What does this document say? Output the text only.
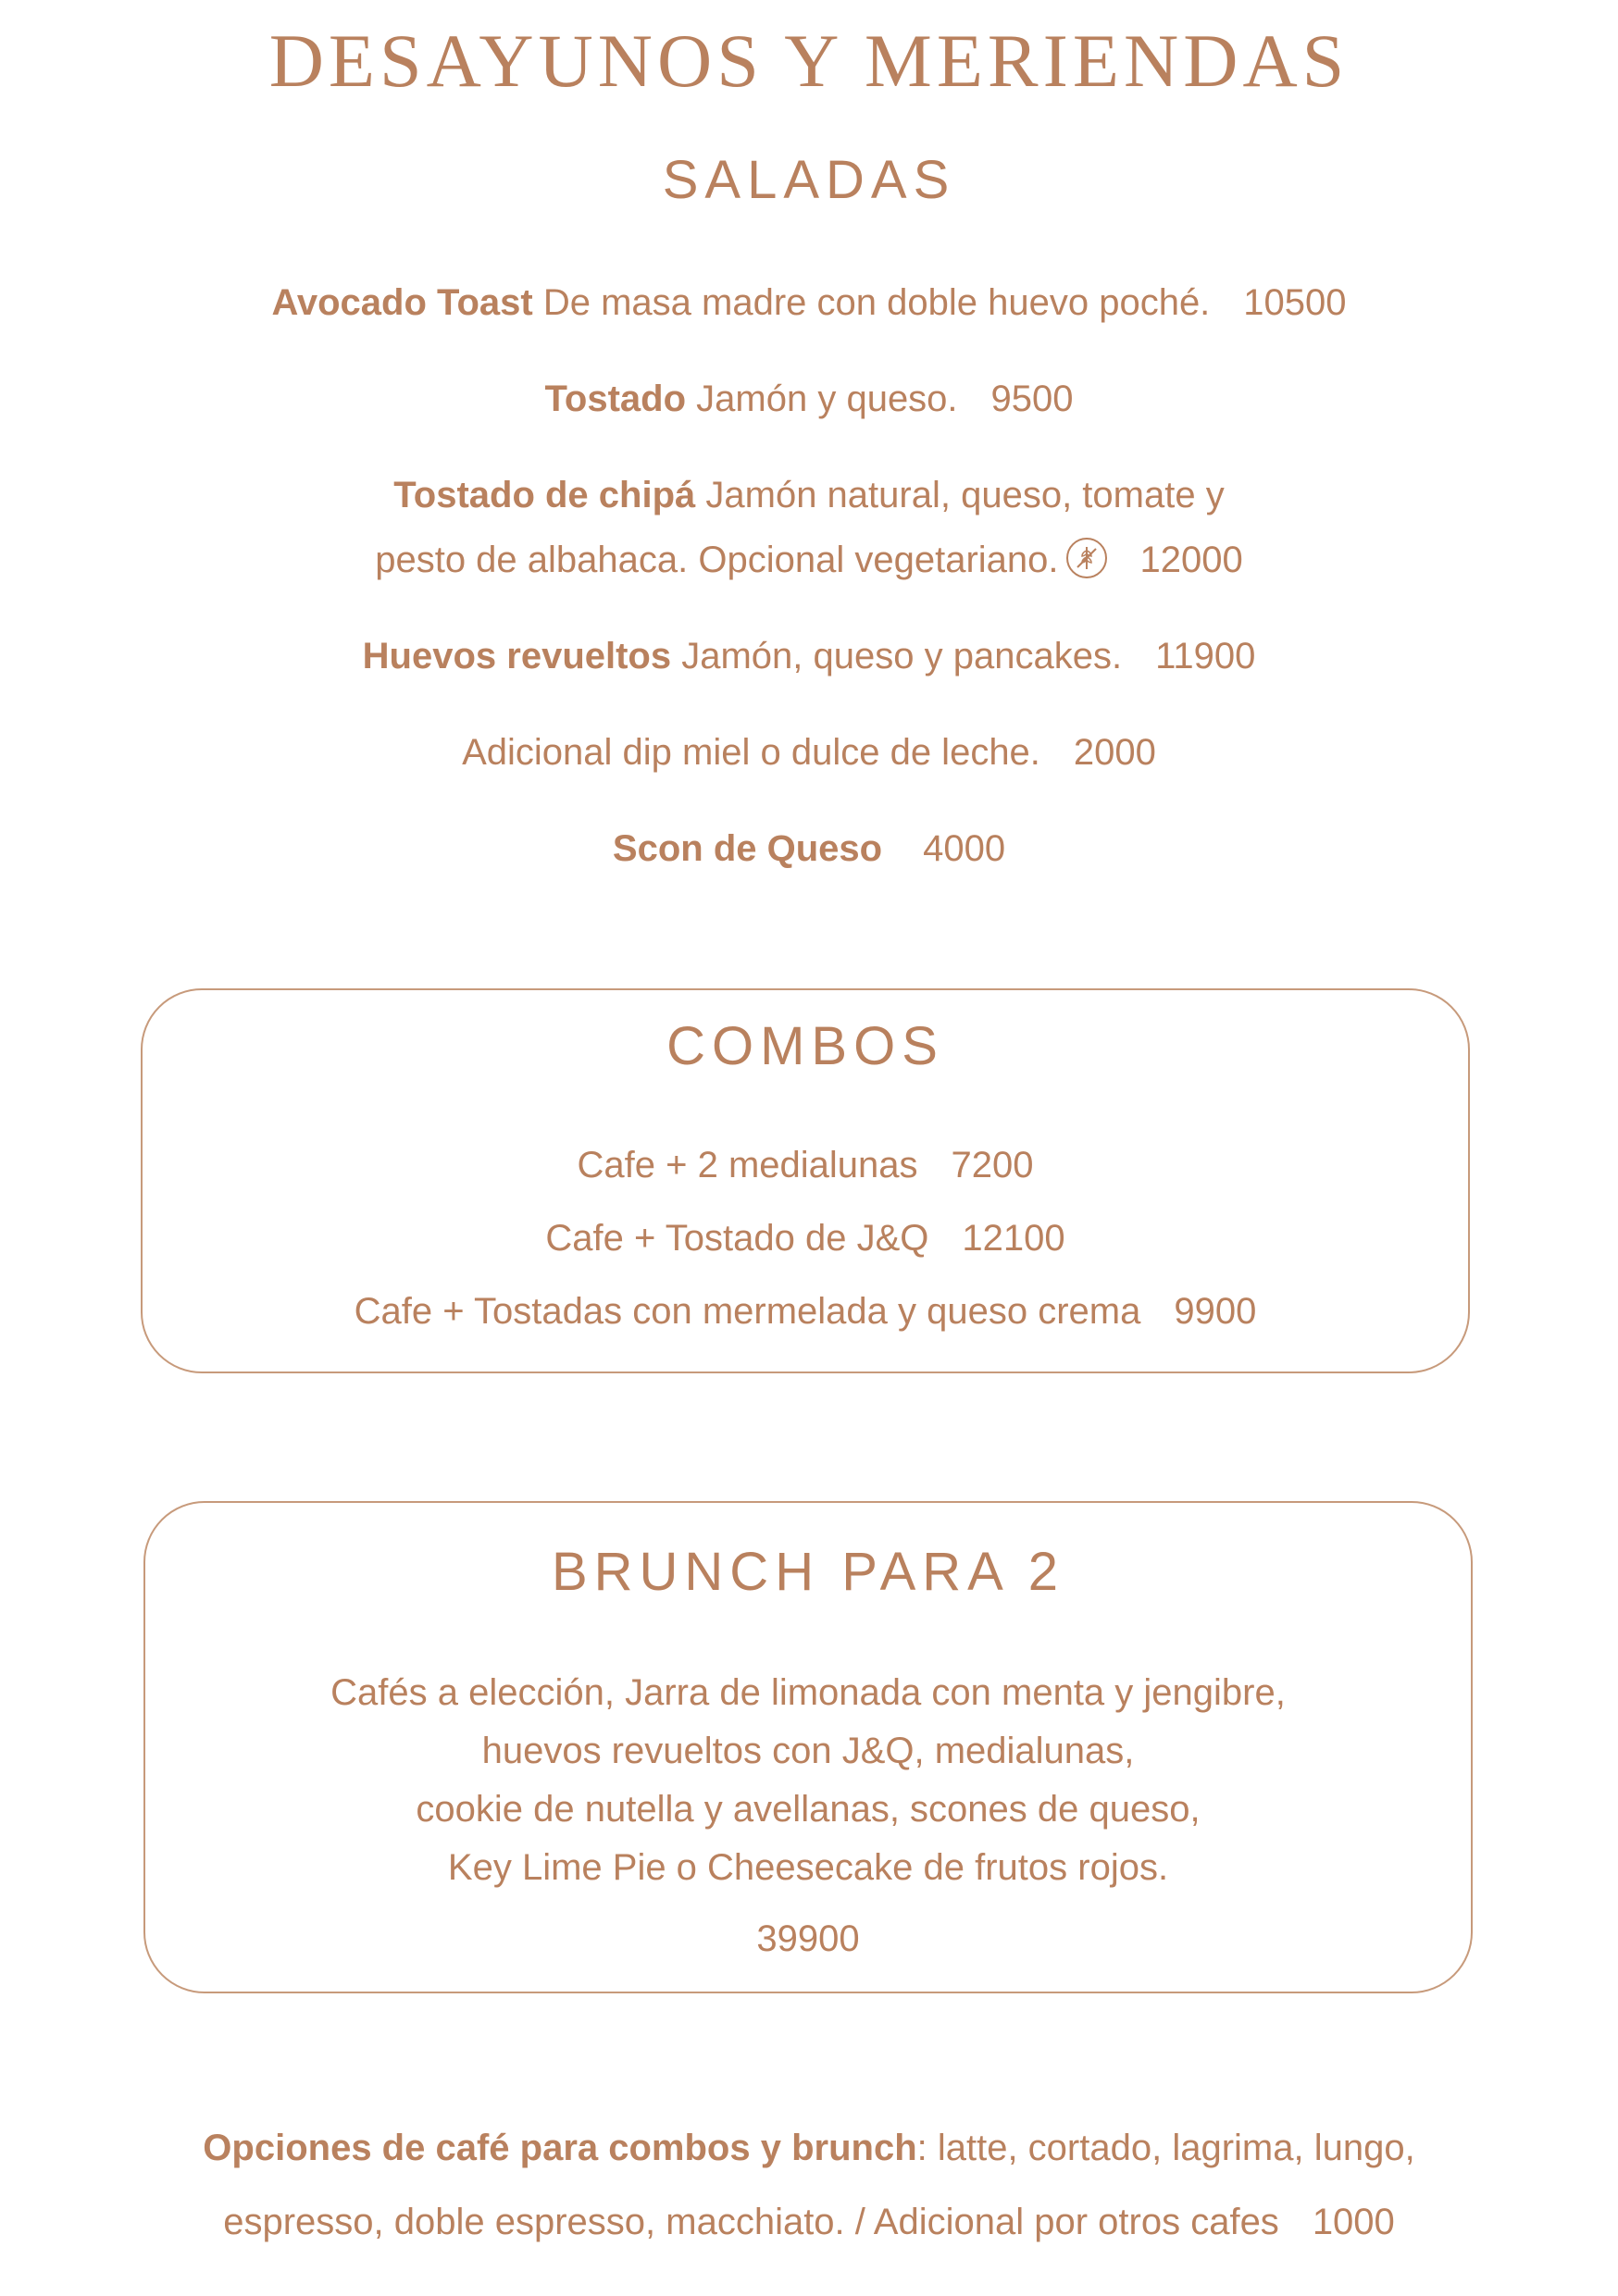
DESAYUNOS Y MERIENDAS
SALADAS
Avocado Toast De masa madre con doble huevo poché. 10500
Tostado Jamón y queso. 9500
Tostado de chipá Jamón natural, queso, tomate y
pesto de albahaca. Opcional vegetariano. 12000
Huevos revueltos Jamón, queso y pancakes. 11900
Adicional dip miel o dulce de leche. 2000
Scon de Queso 4000
COMBOS
Cafe + 2 medialunas 7200
Cafe + Tostado de J&Q 12100
Cafe + Tostadas con mermelada y queso crema 9900
BRUNCH PARA 2
Cafés a elección, Jarra de limonada con menta y jengibre,
huevos revueltos con J&Q, medialunas,
cookie de nutella y avellanas, scones de queso,
Key Lime Pie o Cheesecake de frutos rojos.
39900
Opciones de café para combos y brunch: latte, cortado, lagrima, lungo,
espresso, doble espresso, macchiato. / Adicional por otros cafes 1000
